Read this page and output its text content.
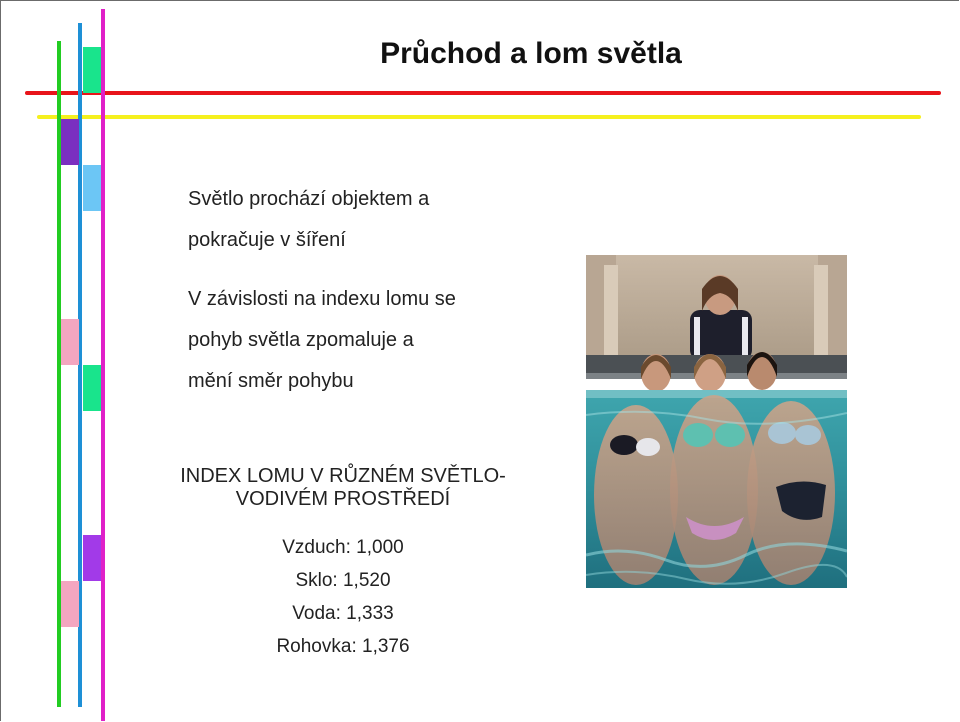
Průchod a lom světla
Světlo prochází objektem a
pokračuje v šíření
V závislosti na indexu lomu se
pohyb světla zpomaluje a
mění směr pohybu
INDEX LOMU V RŮZNÉM SVĚTLO-
VODIVÉM PROSTŘEDÍ
Vzduch: 1,000
Sklo: 1,520
Voda: 1,333
Rohovka: 1,376
